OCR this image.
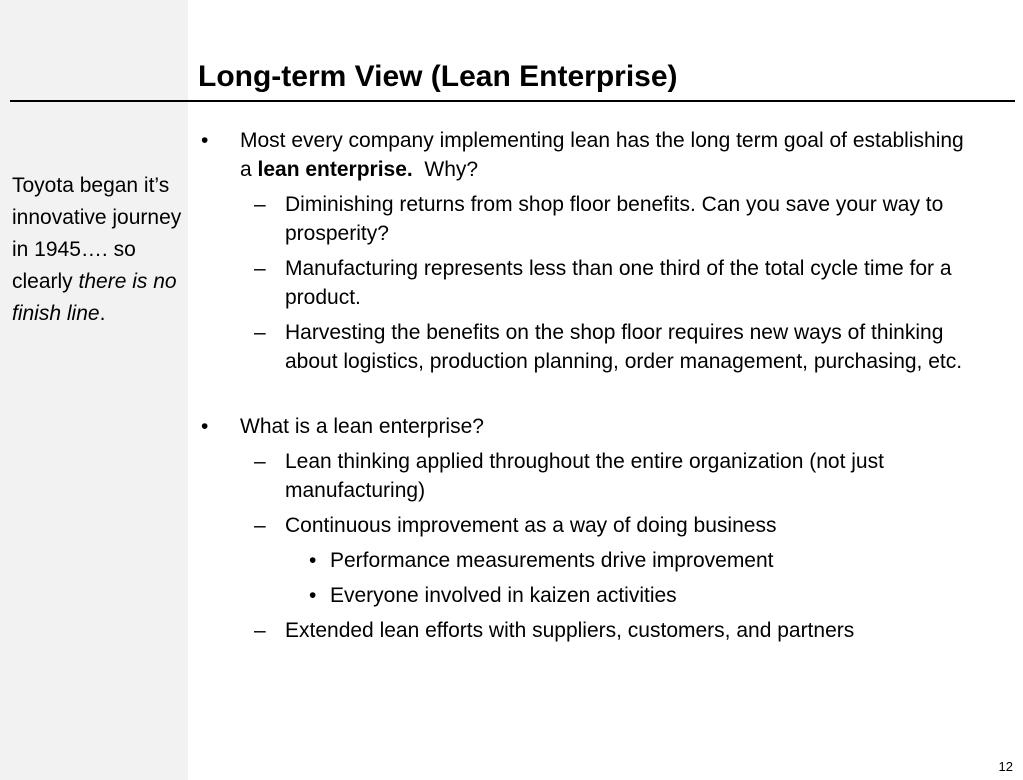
Toyota began it’s innovative journey in 1945…. so clearly there is no finish line.
Long-term View (Lean Enterprise)
• Most every company implementing lean has the long term goal of establishing a lean enterprise.  Why?
– Diminishing returns from shop floor benefits. Can you save your way to prosperity?
– Manufacturing represents less than one third of the total cycle time for a product.
– Harvesting the benefits on the shop floor requires new ways of thinking about logistics, production planning, order management, purchasing, etc.
• What is a lean enterprise?
– Lean thinking applied throughout the entire organization (not just manufacturing)
– Continuous improvement as a way of doing business
• Performance measurements drive improvement
• Everyone involved in kaizen activities
– Extended lean efforts with suppliers, customers, and partners
12
